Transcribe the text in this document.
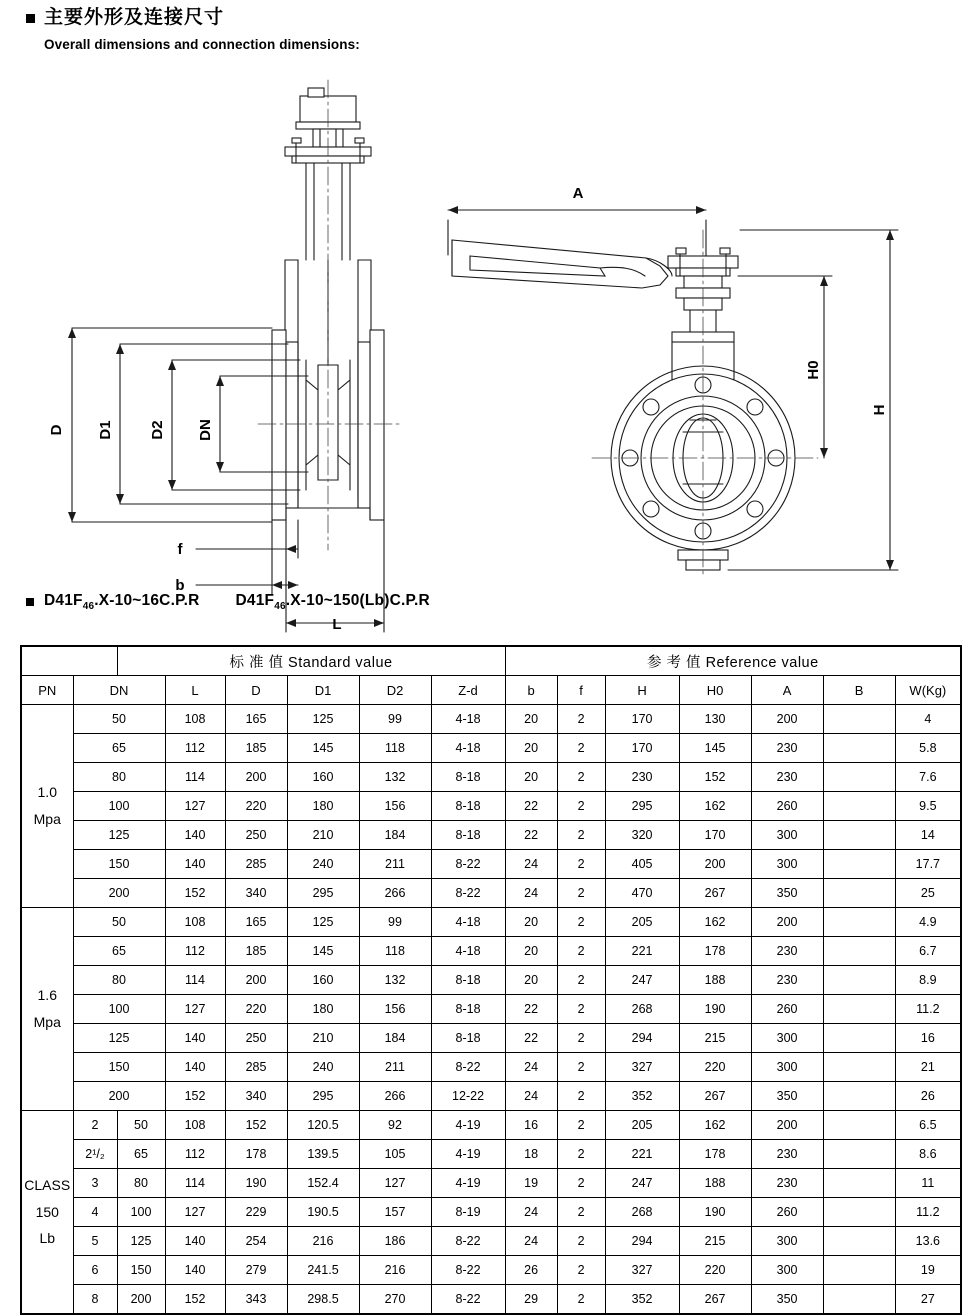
主要外形及连接尺寸
Overall dimensions and connection dimensions:
D D1 D2 DN
f
b
L
A
H0
H
$D41F_{46}.X-10\sim 16C.P.R$ $D41F_{46}.X-10\sim 150(Lb)C.P.R$
		标 准 值 Standard value						参 考 值 Reference value						
PN	DN		L	D	D1	D2	Z-d	b	f	H	H0	A	B	W(Kg)

1.0
Mpa	50		108	165	125	99	4-18	20	2	170	130	200		4
	65		112	185	145	118	4-18	20	2	170	145	230		5.8
	80		114	200	160	132	8-18	20	2	230	152	230		7.6
	100		127	220	180	156	8-18	22	2	295	162	260		9.5
	125		140	250	210	184	8-18	22	2	320	170	300		14
	150		140	285	240	211	8-22	24	2	405	200	300		17.7
	200		152	340	295	266	8-22	24	2	470	267	350		25

1.6
Mpa	50		108	165	125	99	4-18	20	2	205	162	200		4.9
	65		112	185	145	118	4-18	20	2	221	178	230		6.7
	80		114	200	160	132	8-18	20	2	247	188	230		8.9
	100		127	220	180	156	8-18	22	2	268	190	260		11.2
	125		140	250	210	184	8-18	22	2	294	215	300		16
	150		140	285	240	211	8-22	24	2	327	220	300		21
	200		152	340	295	266	12-22	24	2	352	267	350		26

CLASS
150
Lb	2	50	108	152	120.5	92	4-19	16	2	205	162	200		6.5
	2¹/₂	65	112	178	139.5	105	4-19	18	2	221	178	230		8.6
	3	80	114	190	152.4	127	4-19	19	2	247	188	230		11
	4	100	127	229	190.5	157	8-19	24	2	268	190	260		11.2
	5	125	140	254	216	186	8-22	24	2	294	215	300		13.6
	6	150	140	279	241.5	216	8-22	26	2	327	220	300		19
	8	200	152	343	298.5	270	8-22	29	2	352	267	350		27
